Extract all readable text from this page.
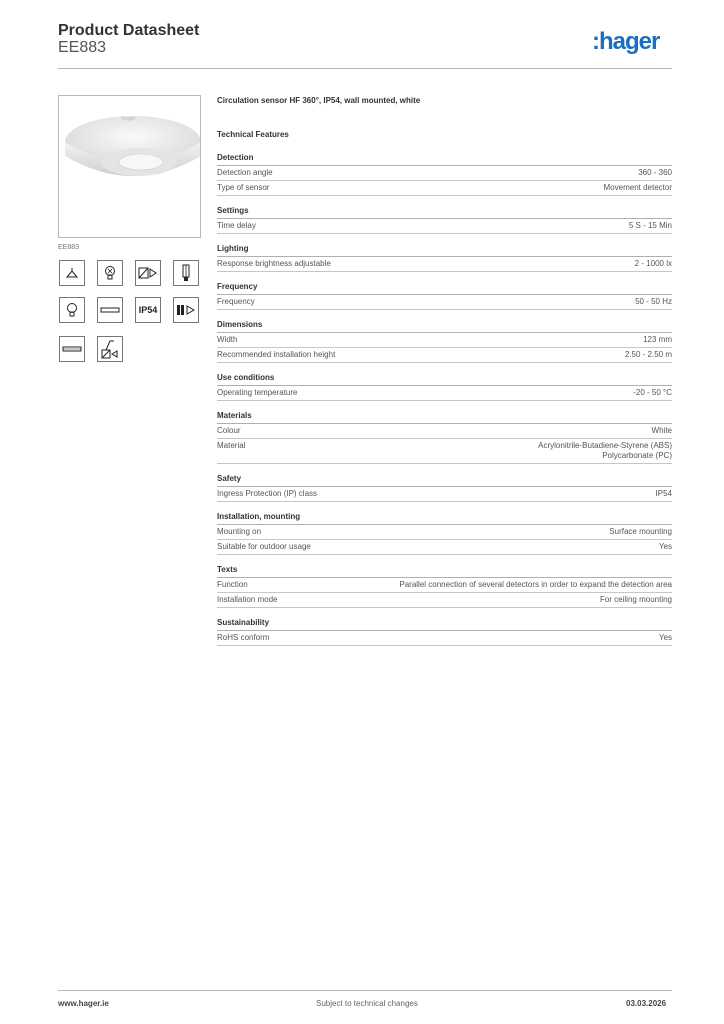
Product Datasheet
EE883	:hager
:hager
EE883
IP54
Circulation sensor HF 360°, IP54, wall mounted, white
Technical Features
Detection
Detection angle	360 - 360
Type of sensor	Movement detector
Settings
Time delay	5 S - 15 Min
Lighting
Response brightness adjustable	2 - 1000 lx
Frequency
Frequency	50 - 50 Hz
Dimensions
Width	123 mm
Recommended installation height	2.50 - 2.50 m
Use conditions
Operating temperature	-20 - 50 °C
Materials
Colour	White
Material	Acrylonitrile-Butadiene-Styrene (ABS)
Polycarbonate (PC)
Safety
Ingress Protection (IP) class	IP54
Installation, mounting
Mounting on	Surface mounting
Suitable for outdoor usage	Yes
Texts
Function	Parallel connection of several detectors in order to expand the detection area
Installation mode	For ceiling mounting
Sustainability
RoHS conform	Yes
www.hager.ie	Subject to technical changes	03.03.2026
